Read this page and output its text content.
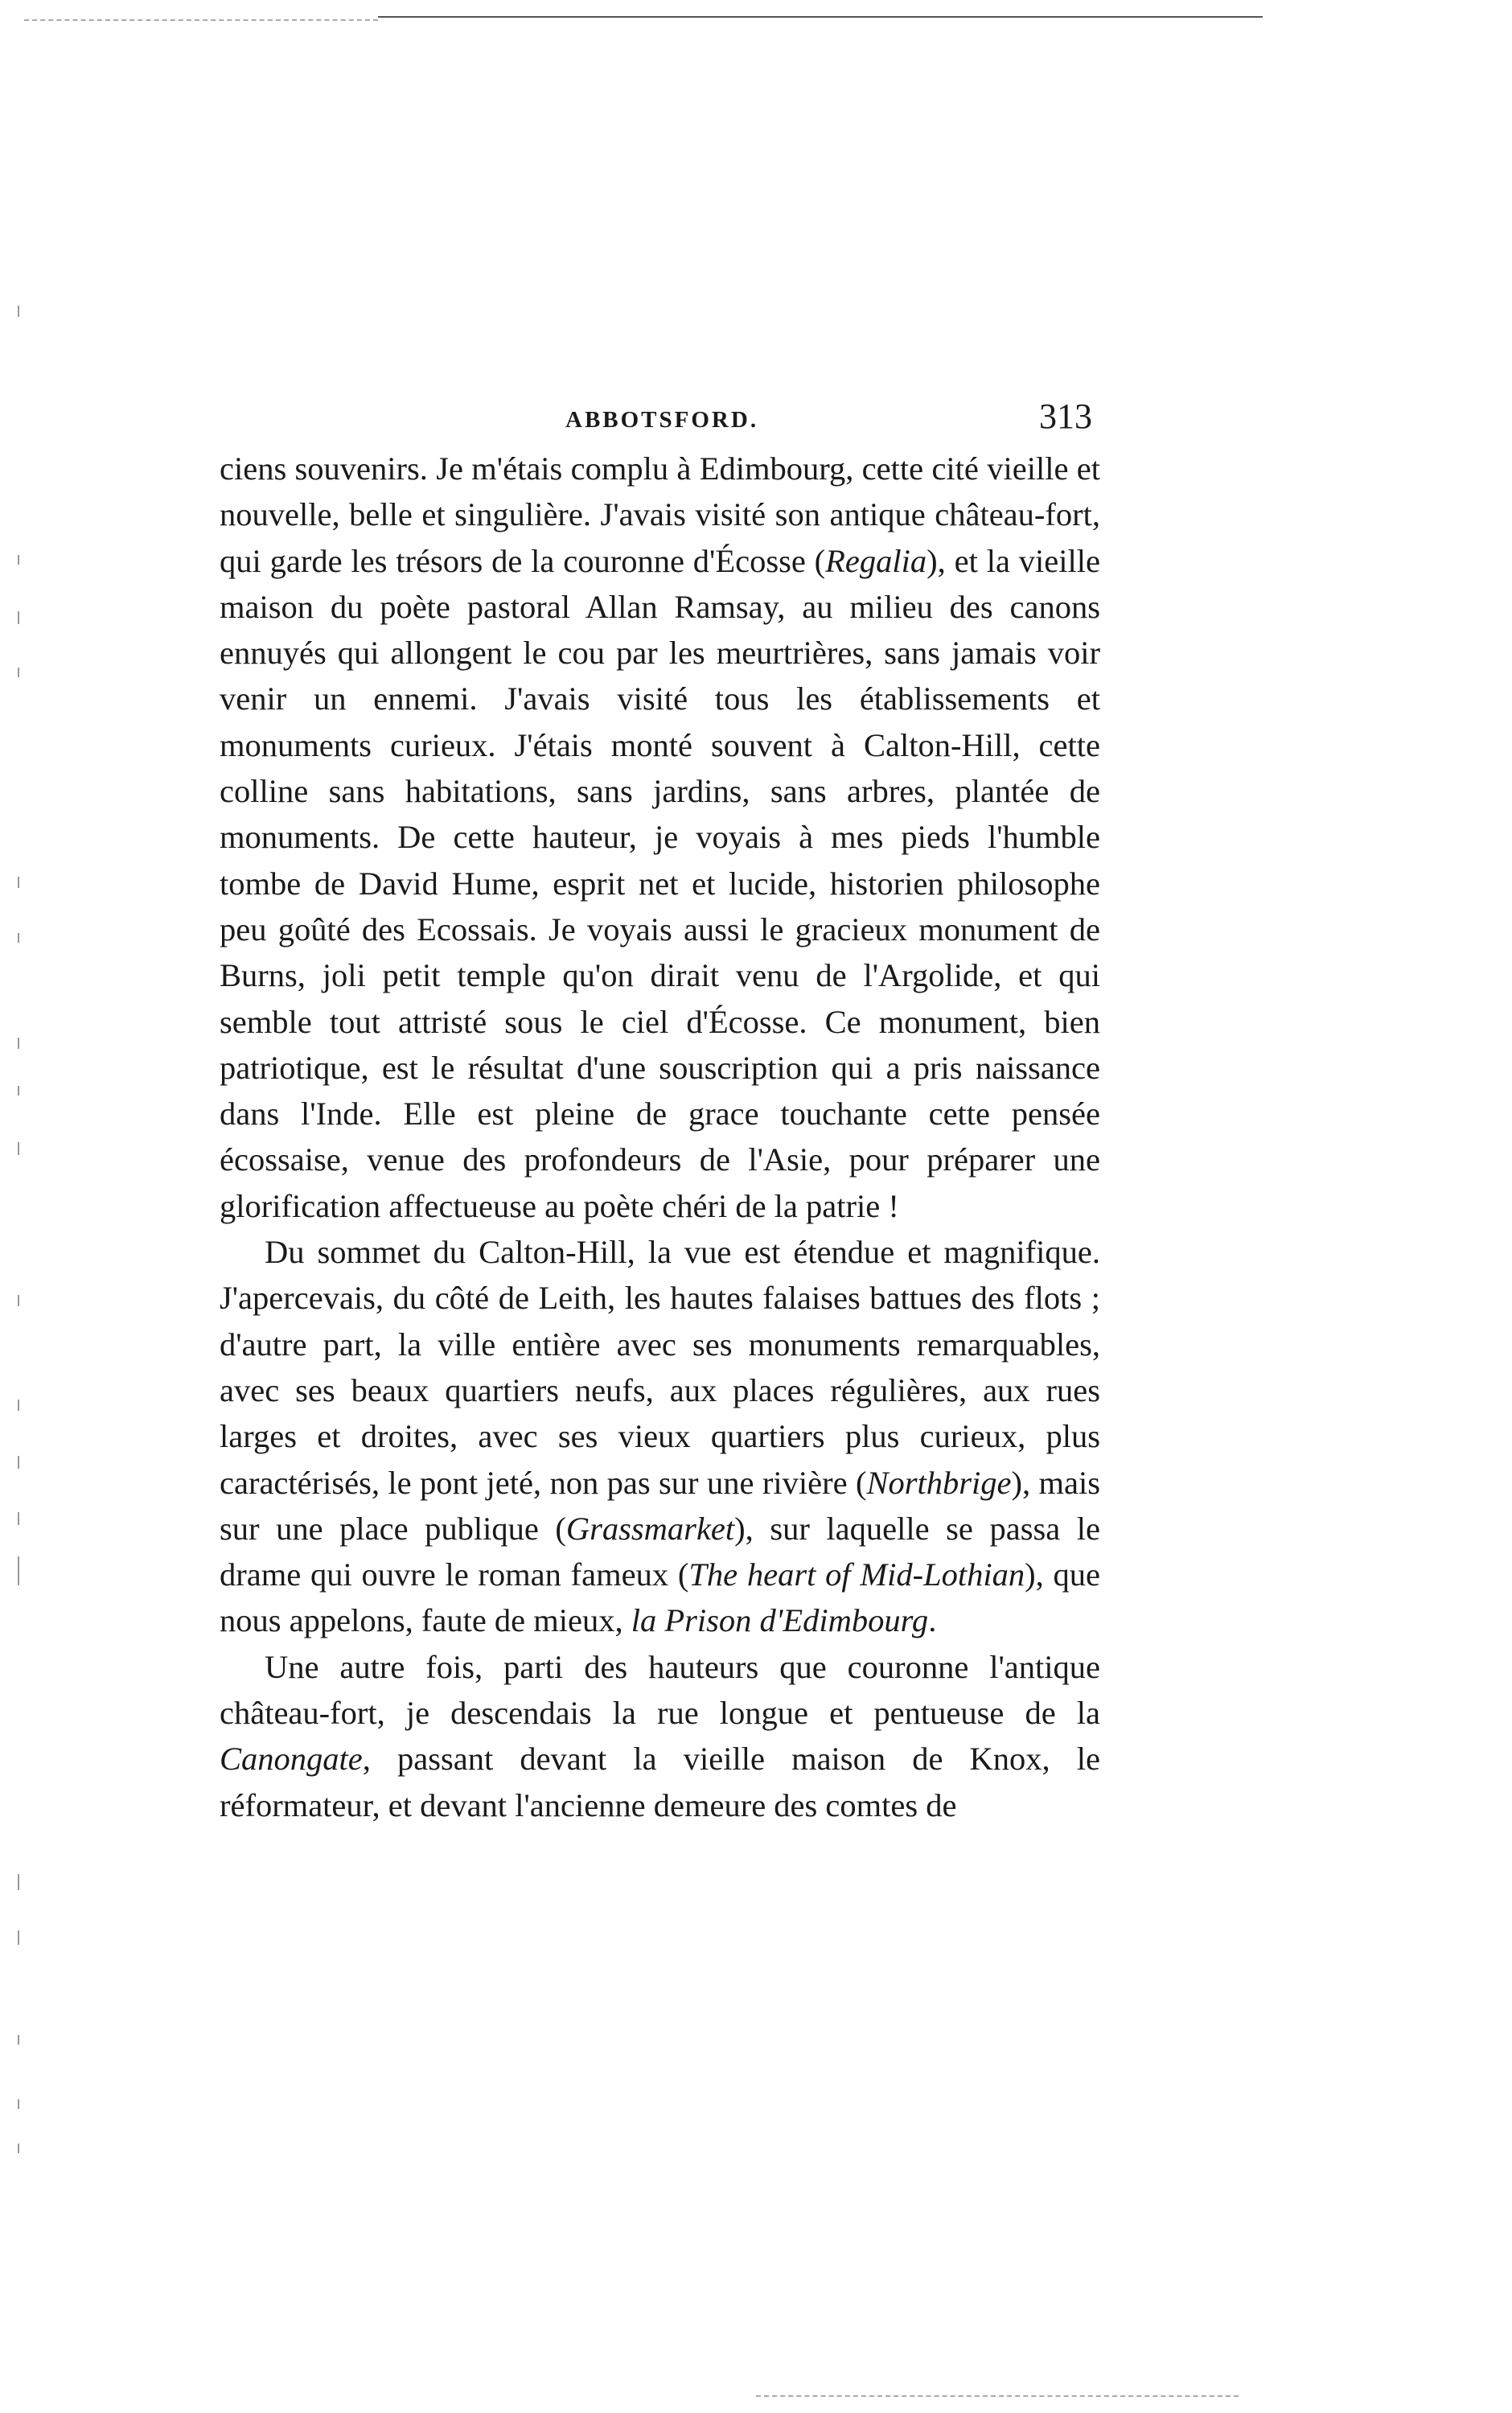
ABBOTSFORD.	313

ciens souvenirs. Je m'étais complu à Edimbourg, cette cité vieille et nouvelle, belle et singulière. J'avais visité son antique château-fort, qui garde les trésors de la couronne d'Écosse (Regalia), et la vieille maison du poète pastoral Allan Ramsay, au milieu des canons ennuyés qui allongent le cou par les meurtrières, sans jamais voir venir un ennemi. J'avais visité tous les établissements et monuments curieux. J'étais monté souvent à Calton-Hill, cette colline sans habitations, sans jardins, sans arbres, plantée de monuments. De cette hauteur, je voyais à mes pieds l'humble tombe de David Hume, esprit net et lucide, historien philosophe peu goûté des Ecossais. Je voyais aussi le gracieux monument de Burns, joli petit temple qu'on dirait venu de l'Argolide, et qui semble tout attristé sous le ciel d'Écosse. Ce monument, bien patriotique, est le résultat d'une souscription qui a pris naissance dans l'Inde. Elle est pleine de grace touchante cette pensée écossaise, venue des profondeurs de l'Asie, pour préparer une glorification affectueuse au poète chéri de la patrie !

Du sommet du Calton-Hill, la vue est étendue et magnifique. J'apercevais, du côté de Leith, les hautes falaises battues des flots ; d'autre part, la ville entière avec ses monuments remarquables, avec ses beaux quartiers neufs, aux places régulières, aux rues larges et droites, avec ses vieux quartiers plus curieux, plus caractérisés, le pont jeté, non pas sur une rivière (Northbrige), mais sur une place publique (Grassmarket), sur laquelle se passa le drame qui ouvre le roman fameux (The heart of Mid-Lothian), que nous appelons, faute de mieux, la Prison d'Edimbourg.

Une autre fois, parti des hauteurs que couronne l'antique château-fort, je descendais la rue longue et pentueuse de la Canongate, passant devant la vieille maison de Knox, le réformateur, et devant l'ancienne demeure des comtes de
